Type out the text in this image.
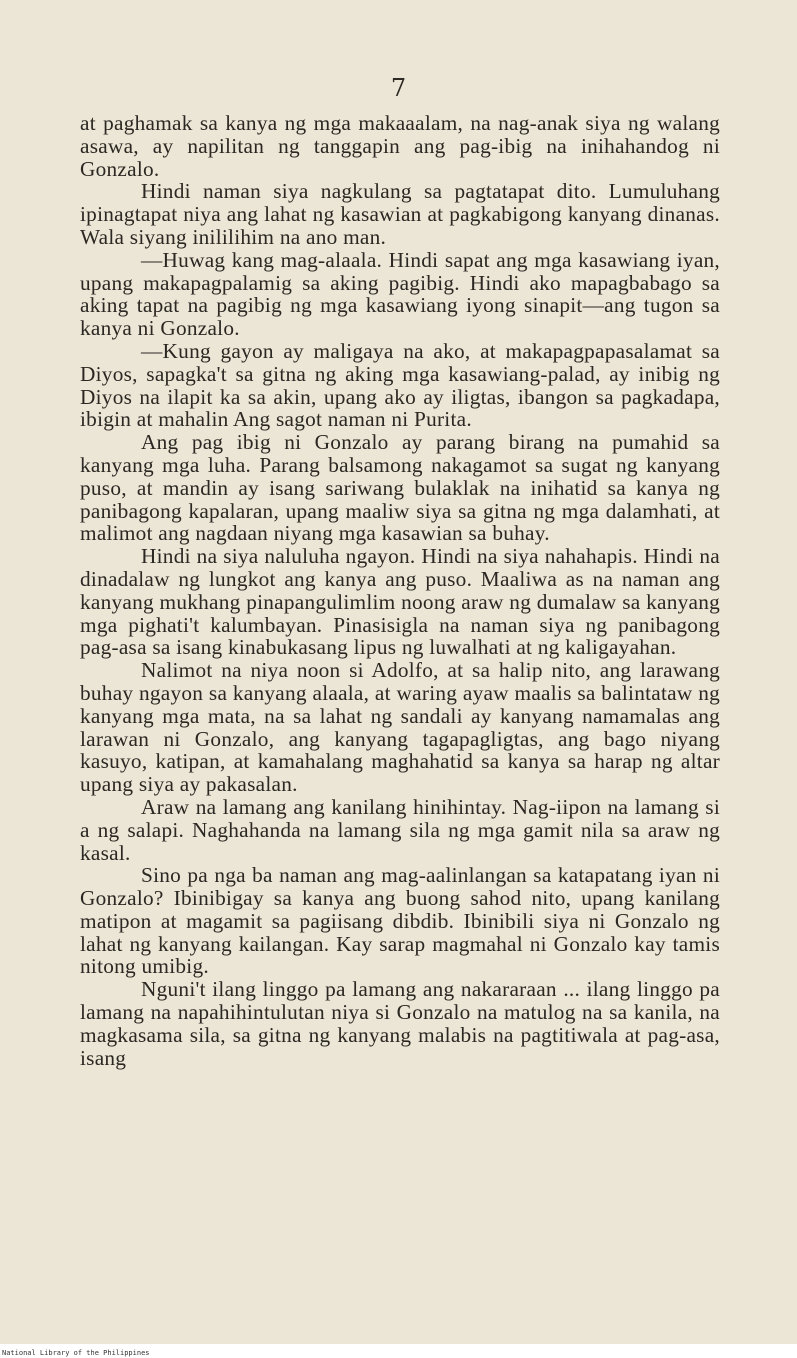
7

at paghamak sa kanya ng mga makaaalam, na nag-anak siya ng walang asawa, ay napilitan ng tanggapin ang pag-ibig na inihahandog ni Gonzalo.

Hindi naman siya nagkulang sa pagtatapat dito. Lumuluhang ipinagtapat niya ang lahat ng kasawian at pagkabigong kanyang dinanas. Wala siyang inililihim na ano man.

—Huwag kang mag-alaala. Hindi sapat ang mga kasawiang iyan, upang makapagpalamig sa aking pagibig. Hindi ako mapagbabago sa aking tapat na pagibig ng mga kasawiang iyong sinapit—ang tugon sa kanya ni Gonzalo.

—Kung gayon ay maligaya na ako, at makapagpapasalamat sa Diyos, sapagka't sa gitna ng aking mga kasawiang-palad, ay inibig ng Diyos na ilapit ka sa akin, upang ako ay iligtas, ibangon sa pagkadapa, ibigin at mahalin Ang sagot naman ni Purita.

Ang pag ibig ni Gonzalo ay parang birang na pumahid sa kanyang mga luha. Parang balsamong nakagamot sa sugat ng kanyang puso, at mandin ay isang sariwang bulaklak na inihatid sa kanya ng panibagong kapalaran, upang maaliw siya sa gitna ng mga dalamhati, at malimot ang nagdaan niyang mga kasawian sa buhay.

Hindi na siya naluluha ngayon. Hindi na siya nahahapis. Hindi na dinadalaw ng lungkot ang kanya ang puso. Maaliwa as na naman ang kanyang mukhang pinapangulimlim noong araw ng dumalaw sa kanyang mga pighati't kalumbayan. Pinasisigla na naman siya ng panibagong pag-asa sa isang kinabukasang lipus ng luwalhati at ng kaligayahan.

Nalimot na niya noon si Adolfo, at sa halip nito, ang larawang buhay ngayon sa kanyang alaala, at waring ayaw maalis sa balintataw ng kanyang mga mata, na sa lahat ng sandali ay kanyang namamalas ang larawan ni Gonzalo, ang kanyang tagapagligtas, ang bago niyang kasuyo, katipan, at kamahalang maghahatid sa kanya sa harap ng altar upang siya ay pakasalan.

Araw na lamang ang kanilang hinihintay. Nag-iipon na lamang si a ng salapi. Naghahanda na lamang sila ng mga gamit nila sa araw ng kasal.

Sino pa nga ba naman ang mag-aalinlangan sa katapatang iyan ni Gonzalo? Ibinibigay sa kanya ang buong sahod nito, upang kanilang matipon at magamit sa pagiisang dibdib. Ibinibili siya ni Gonzalo ng lahat ng kanyang kailangan. Kay sarap magmahal ni Gonzalo kay tamis nitong umibig.

Nguni't ilang linggo pa lamang ang nakararaan ... ilang linggo pa lamang na napahihintulutan niya si Gonzalo na matulog na sa kanila, na magkasama sila, sa gitna ng kanyang malabis na pagtitiwala at pag-asa, isang

National Library of the Philippines
